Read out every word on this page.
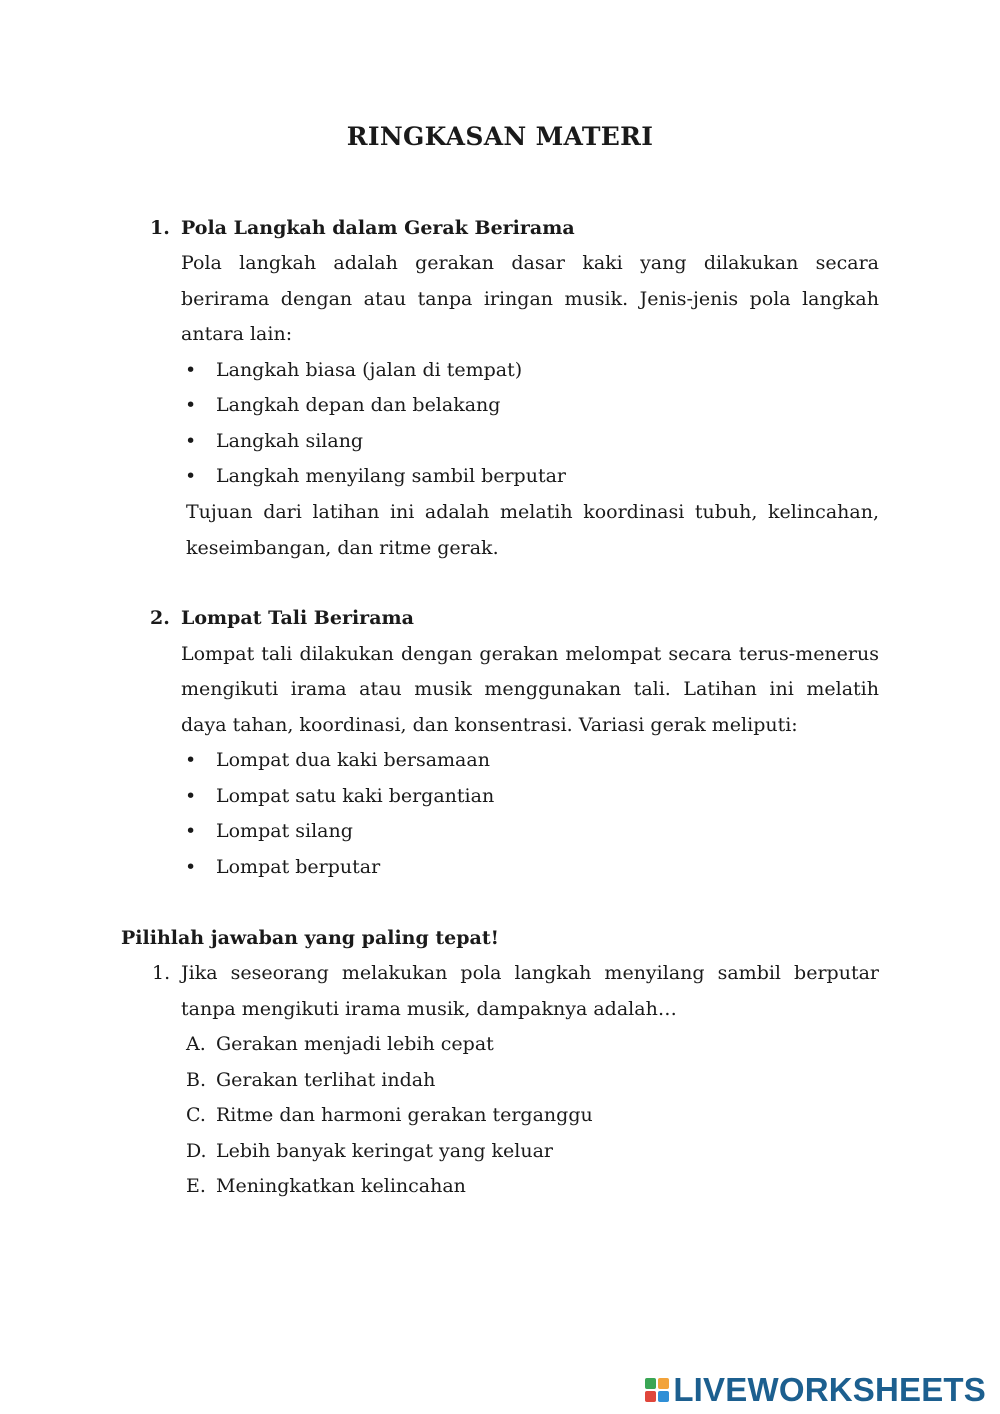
RINGKASAN MATERI
1. Pola Langkah dalam Gerak Berirama
Pola langkah adalah gerakan dasar kaki yang dilakukan secara
berirama dengan atau tanpa iringan musik. Jenis-jenis pola langkah
antara lain:
• Langkah biasa (jalan di tempat)
• Langkah depan dan belakang
• Langkah silang
• Langkah menyilang sambil berputar
Tujuan dari latihan ini adalah melatih koordinasi tubuh, kelincahan,
keseimbangan, dan ritme gerak.
2. Lompat Tali Berirama
Lompat tali dilakukan dengan gerakan melompat secara terus-menerus
mengikuti irama atau musik menggunakan tali. Latihan ini melatih
daya tahan, koordinasi, dan konsentrasi. Variasi gerak meliputi:
• Lompat dua kaki bersamaan
• Lompat satu kaki bergantian
• Lompat silang
• Lompat berputar
Pilihlah jawaban yang paling tepat!
1. Jika seseorang melakukan pola langkah menyilang sambil berputar
tanpa mengikuti irama musik, dampaknya adalah…
A. Gerakan menjadi lebih cepat
B. Gerakan terlihat indah
C. Ritme dan harmoni gerakan terganggu
D. Lebih banyak keringat yang keluar
E. Meningkatkan kelincahan
LIVEWORKSHEETS
